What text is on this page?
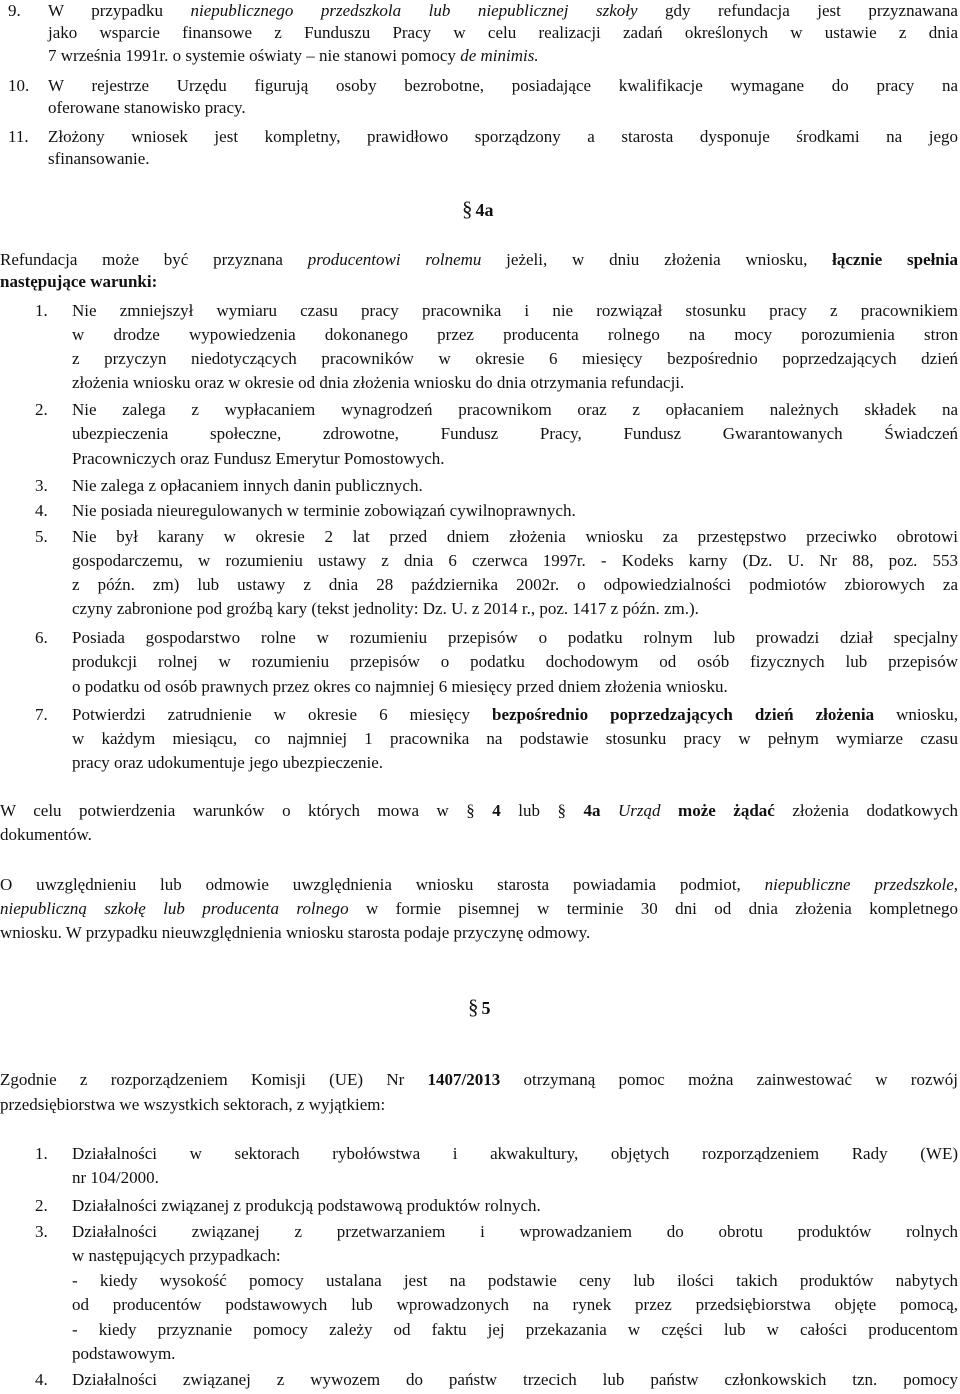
9.	W przypadku niepublicznego przedszkola lub niepublicznej szkoły gdy refundacja jest przyznawana
jako wsparcie finansowe z Funduszu Pracy w celu realizacji zadań określonych w ustawie z dnia
7 września 1991r. o systemie oświaty – nie stanowi pomocy de minimis.
10.	W rejestrze Urzędu figurują osoby bezrobotne, posiadające kwalifikacje wymagane do pracy na
oferowane stanowisko pracy.
11.	Złożony wniosek jest kompletny, prawidłowo sporządzony a starosta dysponuje środkami na jego
sfinansowanie.
§ 4a
Refundacja może być przyznana producentowi rolnemu jeżeli, w dniu złożenia wniosku, łącznie spełnia
następujące warunki:
1.	Nie zmniejszył wymiaru czasu pracy pracownika i nie rozwiązał stosunku pracy z pracownikiem
w drodze wypowiedzenia dokonanego przez producenta rolnego na mocy porozumienia stron
z przyczyn niedotyczących pracowników w okresie 6 miesięcy bezpośrednio poprzedzających dzień
złożenia wniosku oraz w okresie od dnia złożenia wniosku do dnia otrzymania refundacji.
2.	Nie zalega z wypłacaniem wynagrodzeń pracownikom oraz z opłacaniem należnych składek na
ubezpieczenia społeczne, zdrowotne, Fundusz Pracy, Fundusz Gwarantowanych Świadczeń
Pracowniczych oraz Fundusz Emerytur Pomostowych.
3.	Nie zalega z opłacaniem innych danin publicznych.
4.	Nie posiada nieuregulowanych w terminie zobowiązań cywilnoprawnych.
5.	Nie był karany w okresie 2 lat przed dniem złożenia wniosku za przestępstwo przeciwko obrotowi
gospodarczemu, w rozumieniu ustawy z dnia 6 czerwca 1997r. - Kodeks karny (Dz. U. Nr 88, poz. 553
z późn. zm) lub ustawy z dnia 28 października 2002r. o odpowiedzialności podmiotów zbiorowych za
czyny zabronione pod groźbą kary (tekst jednolity: Dz. U. z 2014 r., poz. 1417 z późn. zm.).
6.	Posiada gospodarstwo rolne w rozumieniu przepisów o podatku rolnym lub prowadzi dział specjalny
produkcji rolnej w rozumieniu przepisów o podatku dochodowym od osób fizycznych lub przepisów
o podatku od osób prawnych przez okres co najmniej 6 miesięcy przed dniem złożenia wniosku.
7.	Potwierdzi zatrudnienie w okresie 6 miesięcy bezpośrednio poprzedzających dzień złożenia wniosku,
w każdym miesiącu, co najmniej 1 pracownika na podstawie stosunku pracy w pełnym wymiarze czasu
pracy oraz udokumentuje jego ubezpieczenie.
W celu potwierdzenia warunków o których mowa w § 4 lub § 4a Urząd może żądać złożenia dodatkowych
dokumentów.
O uwzględnieniu lub odmowie uwzględnienia wniosku starosta powiadamia podmiot, niepubliczne przedszkole,
niepubliczną szkołę lub producenta rolnego w formie pisemnej w terminie 30 dni od dnia złożenia kompletnego
wniosku. W przypadku nieuwzględnienia wniosku starosta podaje przyczynę odmowy.
§ 5
Zgodnie z rozporządzeniem Komisji (UE) Nr 1407/2013 otrzymaną pomoc można zainwestować w rozwój
przedsiębiorstwa we wszystkich sektorach, z wyjątkiem:
1.	Działalności w sektorach rybołówstwa i akwakultury, objętych rozporządzeniem Rady (WE)
nr 104/2000.
2.	Działalności związanej z produkcją podstawową produktów rolnych.
3.	Działalności związanej z przetwarzaniem i wprowadzaniem do obrotu produktów rolnych
w następujących przypadkach:
- kiedy wysokość pomocy ustalana jest na podstawie ceny lub ilości takich produktów nabytych
od producentów podstawowych lub wprowadzonych na rynek przez przedsiębiorstwa objęte pomocą,
- kiedy przyznanie pomocy zależy od faktu jej przekazania w części lub w całości producentom
podstawowym.
4.	Działalności związanej z wywozem do państw trzecich lub państw członkowskich tzn. pomocy
